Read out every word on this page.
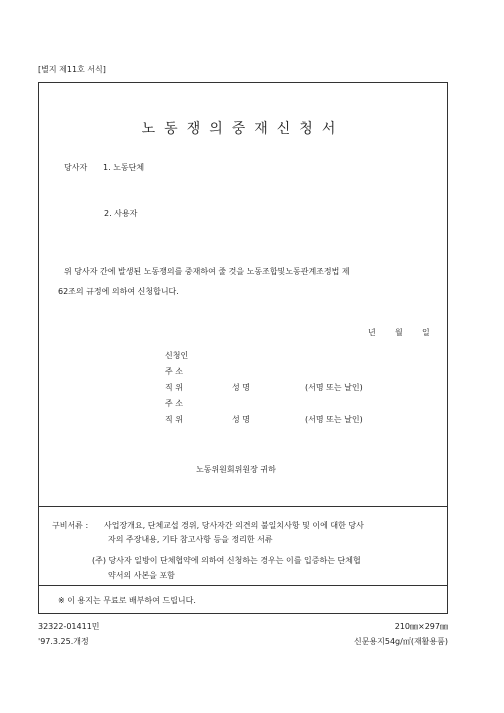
[별지 제11호 서식]
노동쟁의중재신청서
당사자 1. 노동단체
2. 사용자
위 당사자 간에 발생된 노동쟁의를 중재하여 줄 것을 노동조합및노동관계조정법 제
62조의 규정에 의하여 신청합니다.
년 월 일
신청인
주 소
직 위	성 명	(서명 또는 날인)
주 소
직 위	성 명	(서명 또는 날인)
노동위원회위원장 귀하
구비서류 : 사업장개요, 단체교섭 경위, 당사자간 의견의 불일치사항 및 이에 대한 당사
자의 주장내용, 기타 참고사항 등을 정리한 서류
(주) 당사자 일방이 단체협약에 의하여 신청하는 경우는 이를 입증하는 단체협
약서의 사본을 포함
※ 이 용지는 무료로 배부하여 드립니다.
32322-01411민
'97.3.25.개정
210㎜×297㎜
신문용지54g/㎡(재활용품)
